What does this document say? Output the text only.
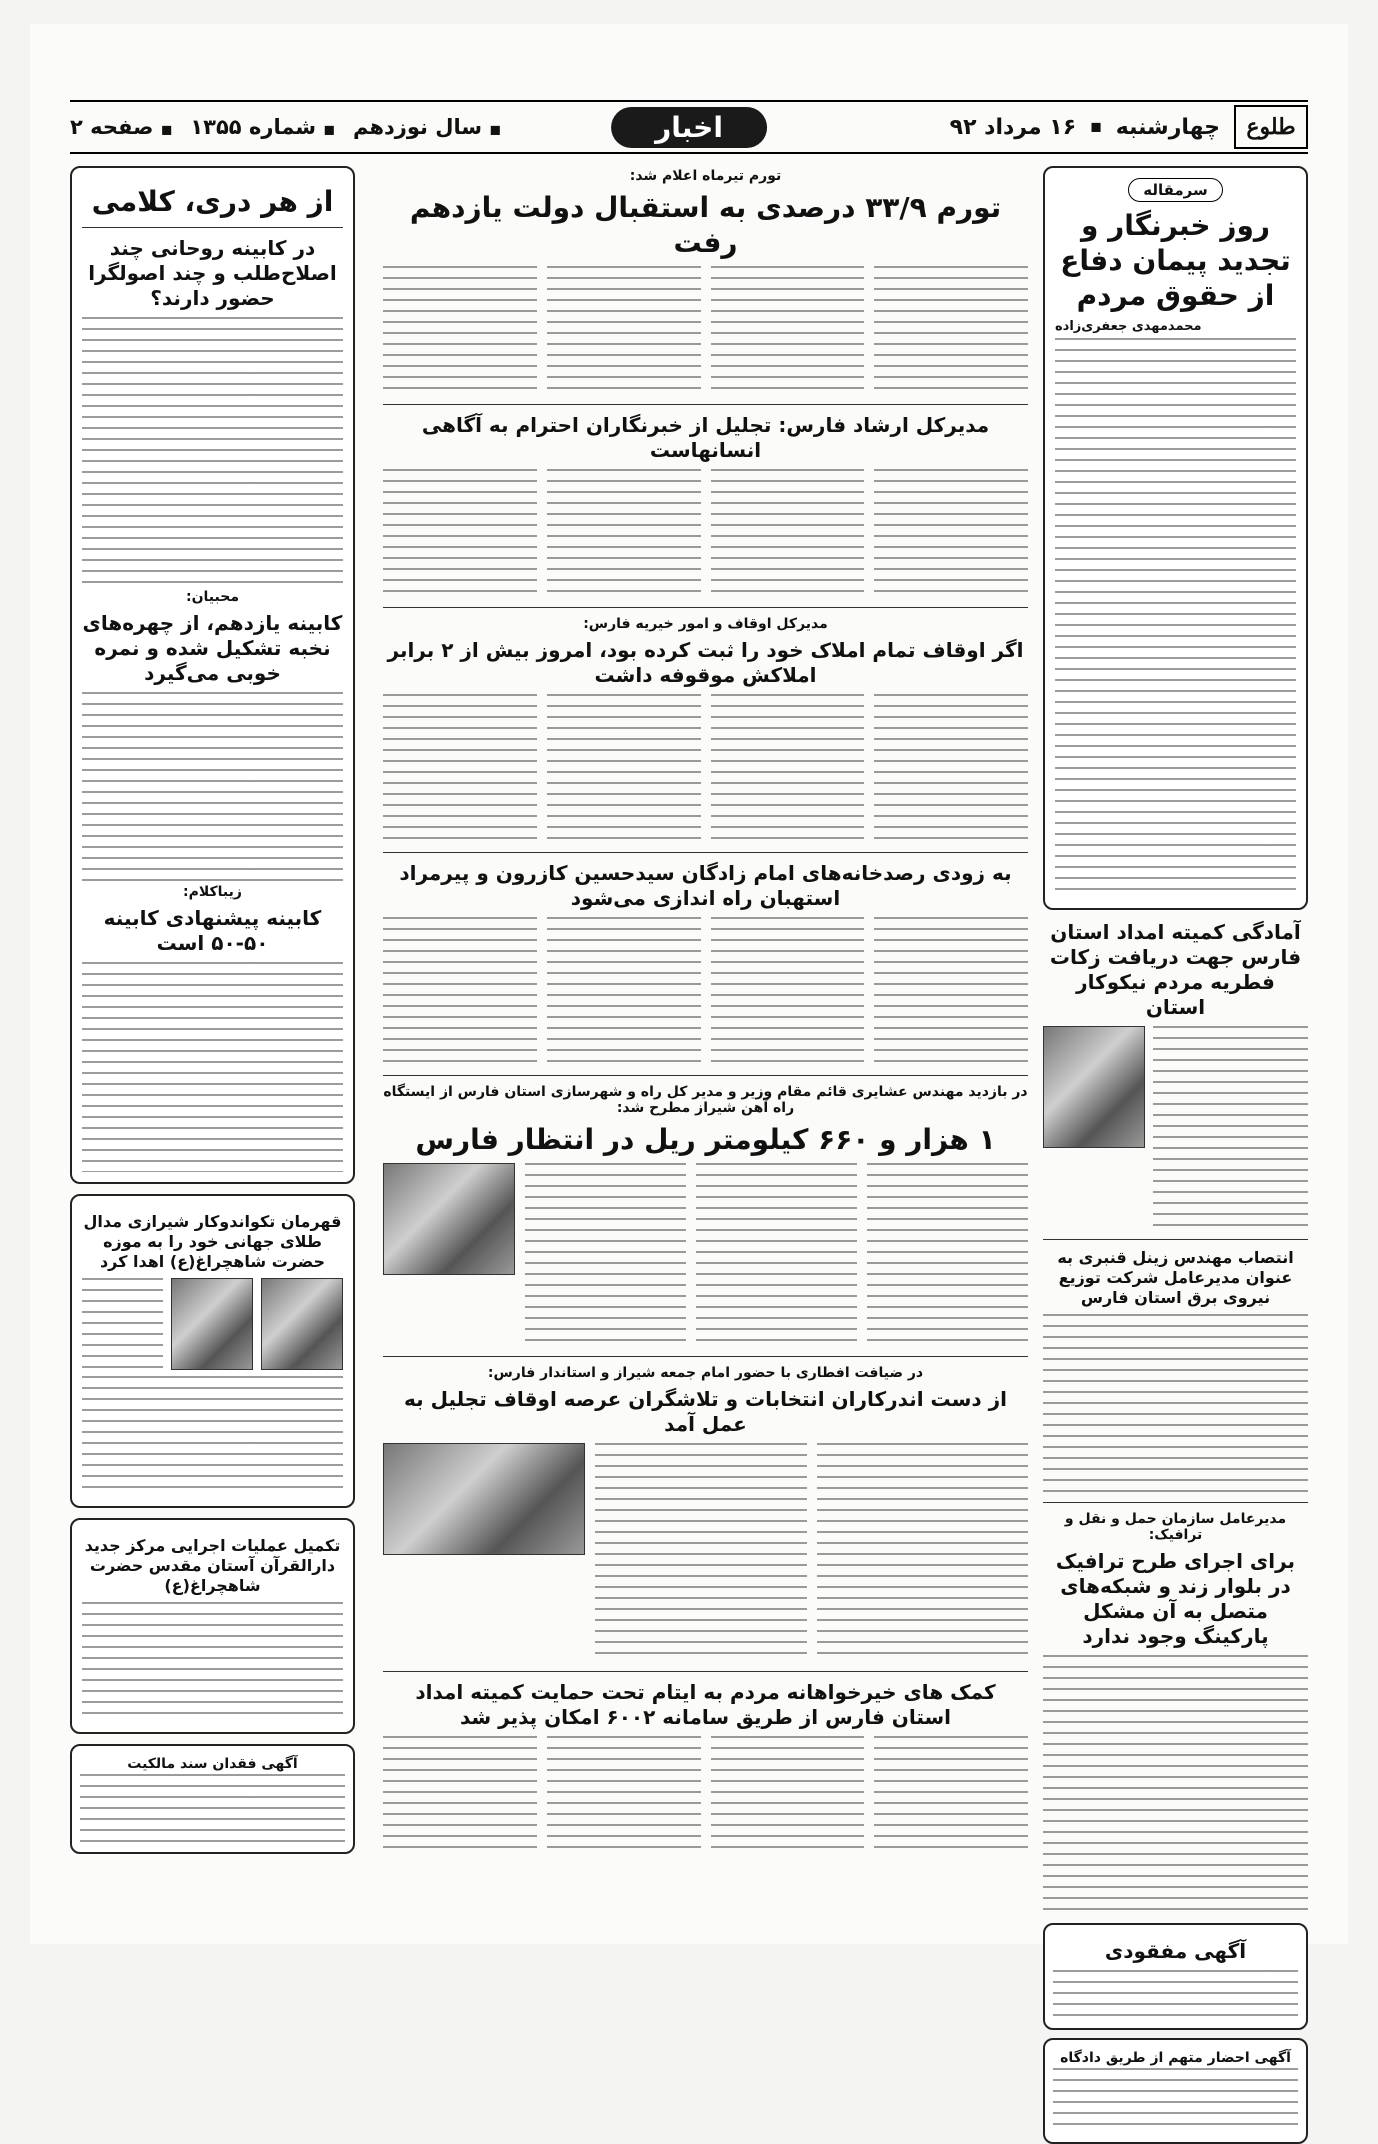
طلوع
چهارشنبه
◼
۱۶ مرداد ۹۲
اخبار
◼ سال نوزدهم
◼ شماره ۱۳۵۵
◼ صفحه ۲
سرمقاله
روز خبرنگار و تجدید پیمان دفاع از حقوق مردم
محمدمهدی جعفری‌زاده
آمادگی کمیته امداد استان فارس جهت دریافت زکات فطریه مردم نیکوکار استان
انتصاب مهندس زینل قنبری به عنوان مدیرعامل شرکت توزیع نیروی برق استان فارس
مدیرعامل سازمان حمل و نقل و ترافیک:
برای اجرای طرح ترافیک در بلوار زند و شبکه‌های متصل به آن مشکل پارکینگ وجود ندارد
آگهی مفقودی
آگهی احضار متهم از طریق دادگاه
تورم تیرماه اعلام شد:
تورم ۳۳/۹ درصدی به استقبال دولت یازدهم رفت
مدیرکل ارشاد فارس: تجلیل از خبرنگاران احترام به آگاهی انسانهاست
مدیرکل اوقاف و امور خیریه فارس:
اگر اوقاف تمام املاک خود را ثبت کرده بود، امروز بیش از ۲ برابر املاکش موقوفه داشت
به زودی رصدخانه‌های امام زادگان سیدحسین کازرون و پیرمراد استهبان راه اندازی می‌شود
در بازدید مهندس عشایری قائم مقام وزیر و مدیر کل راه و شهرسازی استان فارس از ایستگاه راه آهن شیراز مطرح شد:
۱ هزار و ۶۶۰ کیلومتر ریل در انتظار فارس
در ضیافت افطاری با حضور امام جمعه شیراز و استاندار فارس:
از دست اندرکاران انتخابات و تلاشگران عرصه اوقاف تجلیل به عمل آمد
کمک های خیرخواهانه مردم به ایتام تحت حمایت کمیته امداد استان فارس از طریق سامانه ۶۰۰۲ امکان پذیر شد
از هر دری، کلامی
در کابینه روحانی چند اصلاح‌طلب و چند اصولگرا حضور دارند؟
محبیان:
کابینه یازدهم، از چهره‌های نخبه تشکیل شده و نمره خوبی می‌گیرد
زیباکلام:
کابینه پیشنهادی کابینه ۵۰-۵۰ است
قهرمان تکواندوکار شیرازی مدال طلای جهانی خود را به موزه حضرت شاهچراغ(ع) اهدا کرد
تکمیل عملیات اجرایی مرکز جدید دارالقرآن آستان مقدس حضرت شاهچراغ(ع)
آگهی فقدان سند مالکیت
